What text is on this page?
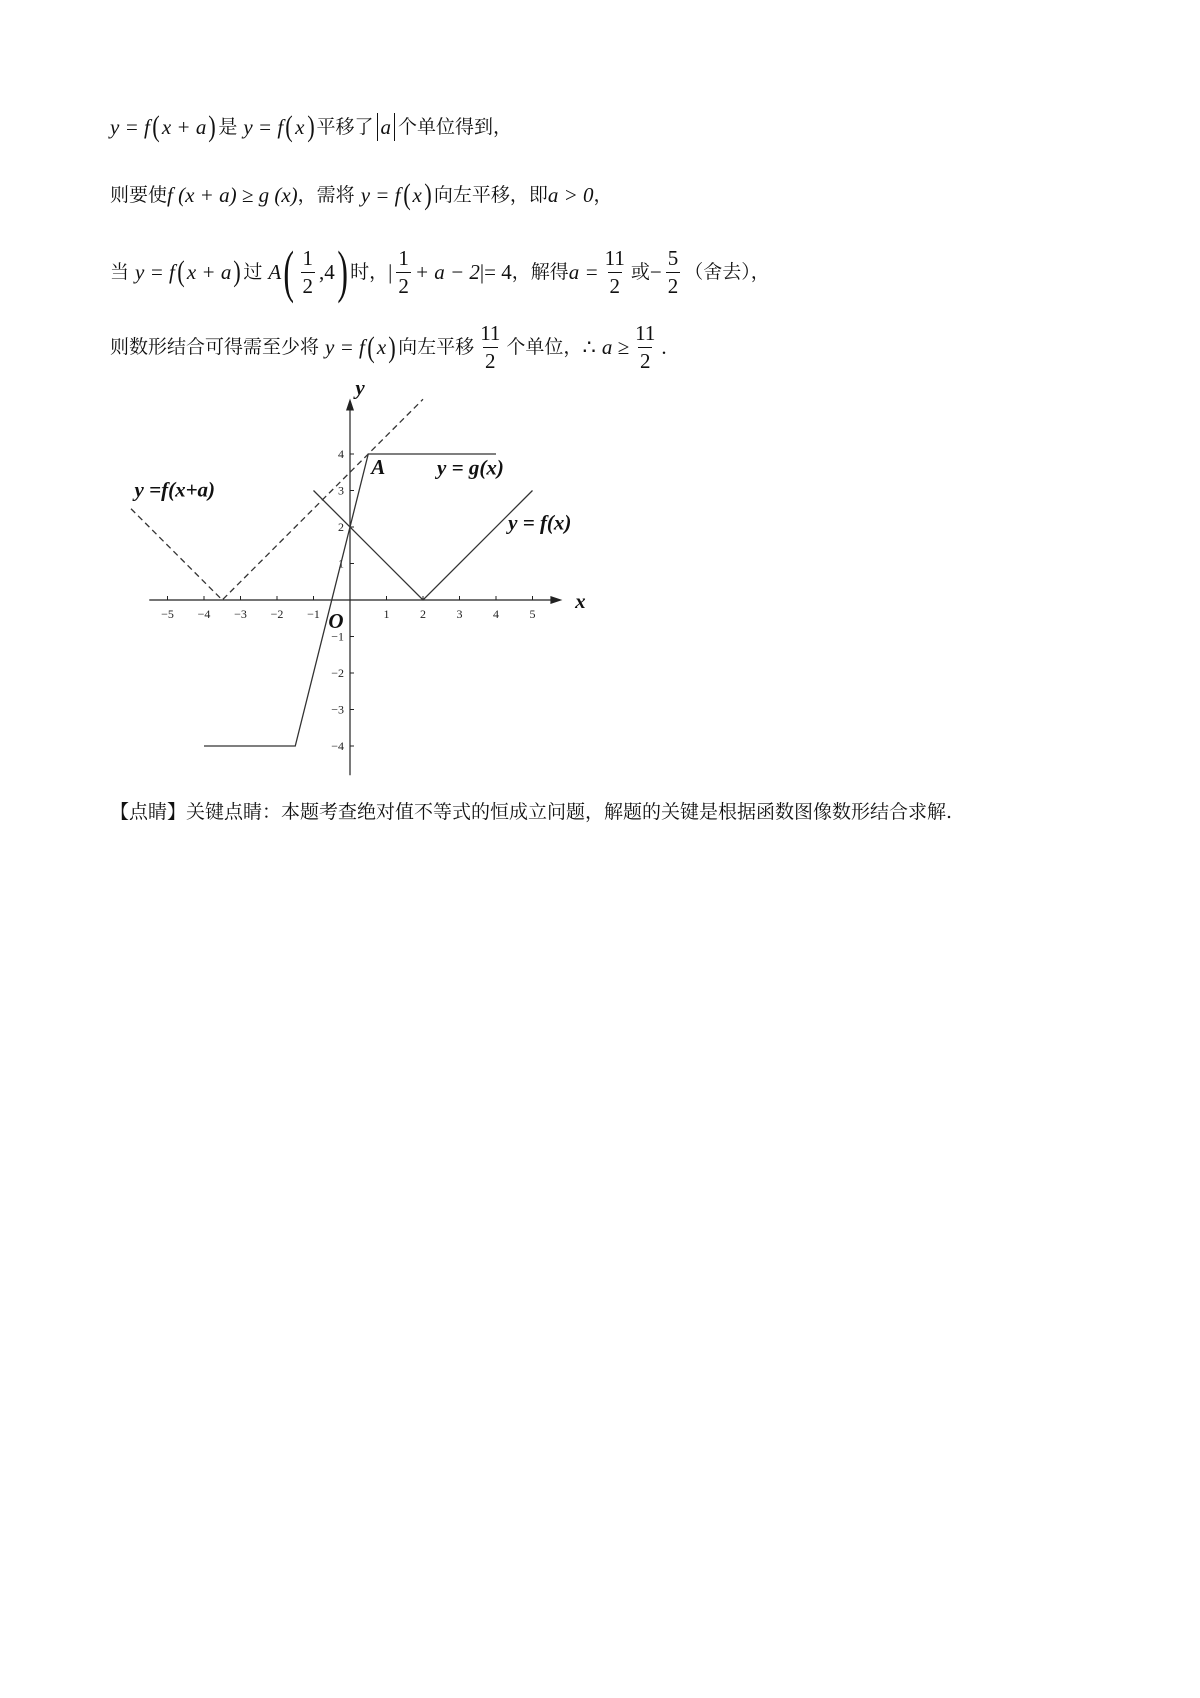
y = f ( x + a ) 是 y = f ( x ) 平移了 a 个单位得到，
则要使 f (x + a) ≥ g (x) ，需将 y = f ( x ) 向左平移，即 a > 0 ，
当 y = f ( x + a ) 过 A ( $\frac{1}{2} ,4$ ) 时， | $\frac{1}{2} + a - 2$ |= 4 ，解得 $a = \frac{11}{2}$ 或 − $\frac{5}{2}$ （舍去），
则数形结合可得需至少将 y = f ( x ) 向左平移 $\frac{11}{2}$ 个单位， ∴ $a \ge \frac{11}{2}$ .
−5 −4 −3 −2 −1	1	2	3	4	5
4
3
2
1
−1
−2
−3
−4
x
y
O
A y = g(x)
y = f(x)
y =f(x+a)
【点睛】关键点睛：本题考查绝对值不等式的恒成立问题，解题的关键是根据函数图像数形结合求解.
